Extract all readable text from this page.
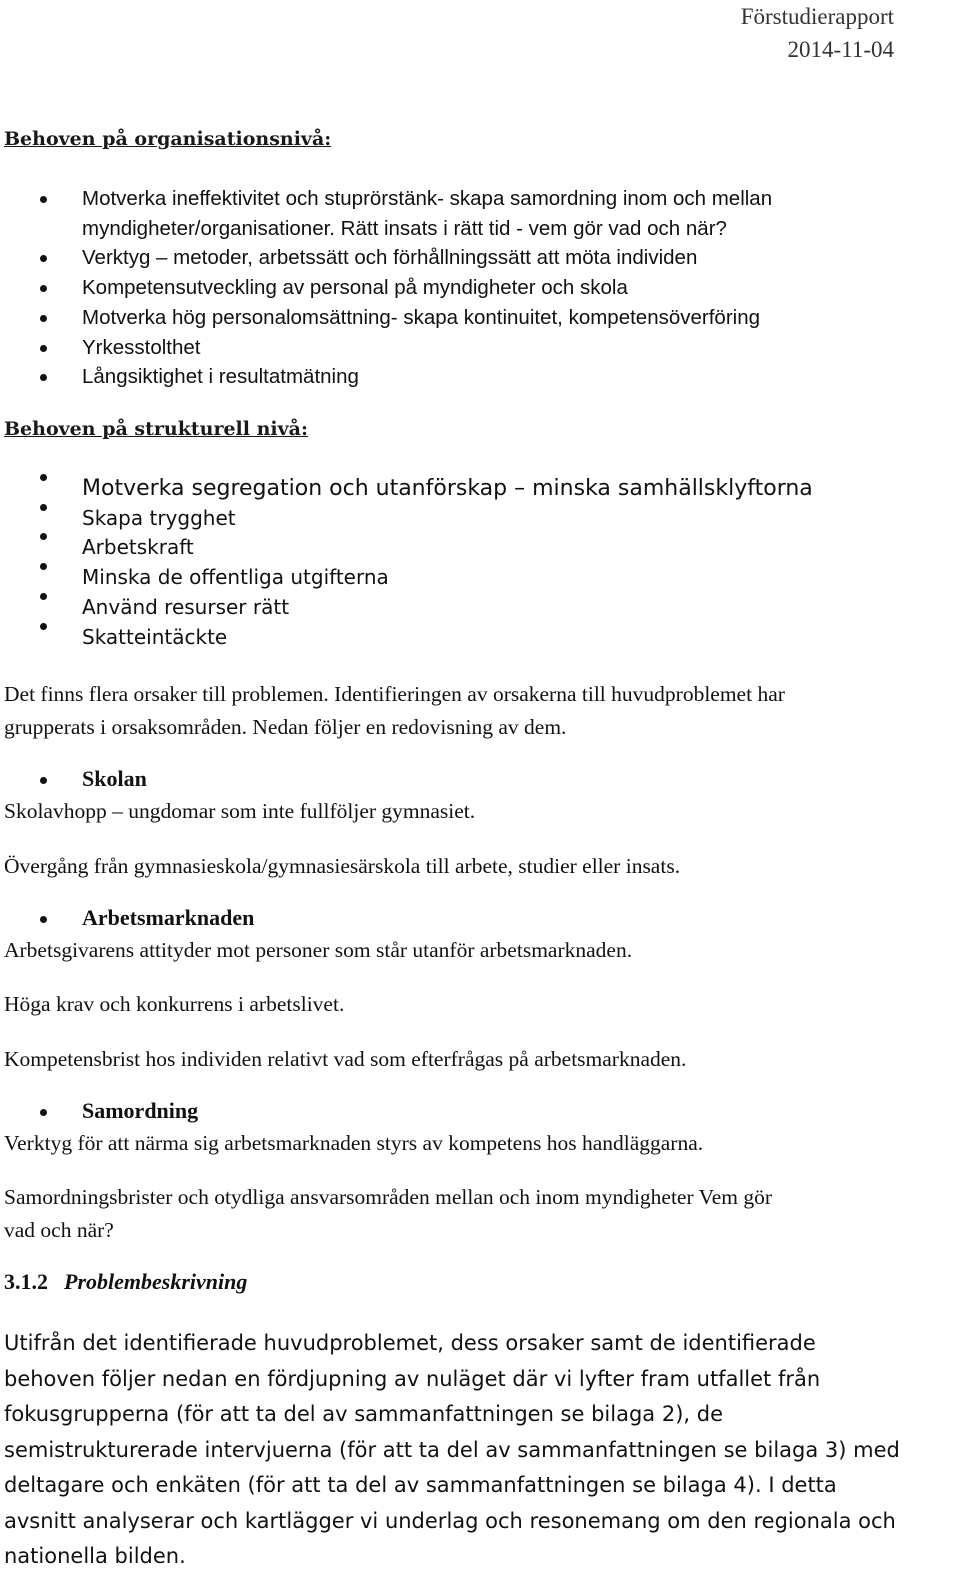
Förstudierapport
2014-11-04
Behoven på organisationsnivå:
Motverka ineffektivitet och stuprörstänk- skapa samordning inom och mellan
myndigheter/organisationer. Rätt insats i rätt tid - vem gör vad och när?
Verktyg – metoder, arbetssätt och förhållningssätt att möta individen
Kompetensutveckling av personal på myndigheter och skola
Motverka hög personalomsättning- skapa kontinuitet, kompetensöverföring
Yrkesstolthet
Långsiktighet i resultatmätning
Behoven på strukturell nivå:
Motverka segregation och utanförskap – minska samhällsklyftorna
Skapa trygghet
Arbetskraft
Minska de offentliga utgifterna
Använd resurser rätt
Skatteintäckte
Det finns flera orsaker till problemen. Identifieringen av orsakerna till huvudproblemet har
grupperats i orsaksområden. Nedan följer en redovisning av dem.
Skolan
Skolavhopp – ungdomar som inte fullföljer gymnasiet.
Övergång från gymnasieskola/gymnasiesärskola till arbete, studier eller insats.
Arbetsmarknaden
Arbetsgivarens attityder mot personer som står utanför arbetsmarknaden.
Höga krav och konkurrens i arbetslivet.
Kompetensbrist hos individen relativt vad som efterfrågas på arbetsmarknaden.
Samordning
Verktyg för att närma sig arbetsmarknaden styrs av kompetens hos handläggarna.
Samordningsbrister och otydliga ansvarsområden mellan och inom myndigheter Vem gör
vad och när?
3.1.2 Problembeskrivning
Utifrån det identifierade huvudproblemet, dess orsaker samt de identifierade
behoven följer nedan en fördjupning av nuläget där vi lyfter fram utfallet från
fokusgrupperna (för att ta del av sammanfattningen se bilaga 2), de
semistrukturerade intervjuerna (för att ta del av sammanfattningen se bilaga 3) med
deltagare och enkäten (för att ta del av sammanfattningen se bilaga 4). I detta
avsnitt analyserar och kartlägger vi underlag och resonemang om den regionala och
nationella bilden.
